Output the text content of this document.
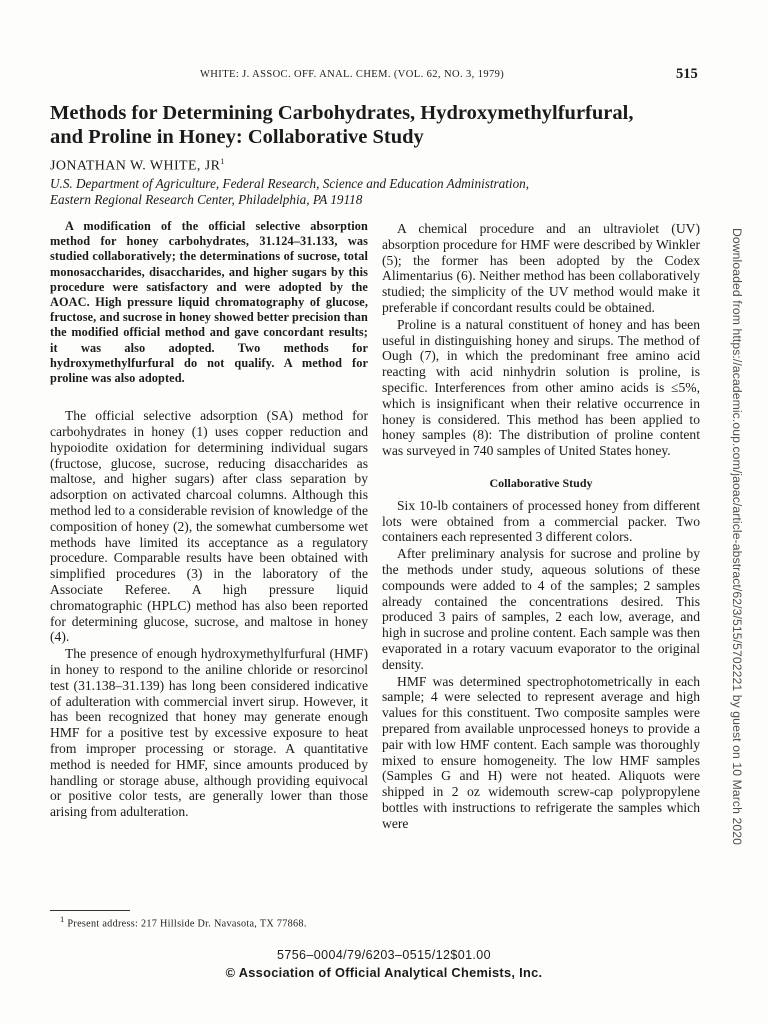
WHITE: J. ASSOC. OFF. ANAL. CHEM. (VOL. 62, NO. 3, 1979)	515
Methods for Determining Carbohydrates, Hydroxymethylfurfural,
and Proline in Honey: Collaborative Study
JONATHAN W. WHITE, $JR^1$
U.S. Department of Agriculture, Federal Research, Science and Education Administration,
Eastern Regional Research Center, Philadelphia, PA 19118

A modification of the official selective absorption method for honey carbohydrates, 31.124–31.133, was studied collaboratively; the determinations of sucrose, total monosaccharides, disaccharides, and higher sugars by this procedure were satisfactory and were adopted by the AOAC. High pressure liquid chromatography of glucose, fructose, and sucrose in honey showed better precision than the modified official method and gave concordant results; it was also adopted. Two methods for hydroxymethylfurfural do not qualify. A method for proline was also adopted.

The official selective adsorption (SA) method for carbohydrates in honey (1) uses copper reduction and hypoiodite oxidation for determining individual sugars (fructose, glucose, sucrose, reducing disaccharides as maltose, and higher sugars) after class separation by adsorption on activated charcoal columns. Although this method led to a considerable revision of knowledge of the composition of honey (2), the somewhat cumbersome wet methods have limited its acceptance as a regulatory procedure. Comparable results have been obtained with simplified procedures (3) in the laboratory of the Associate Referee. A high pressure liquid chromatographic (HPLC) method has also been reported for determining glucose, sucrose, and maltose in honey (4).

The presence of enough hydroxymethylfurfural (HMF) in honey to respond to the aniline chloride or resorcinol test (31.138–31.139) has long been considered indicative of adulteration with commercial invert sirup. However, it has been recognized that honey may generate enough HMF for a positive test by excessive exposure to heat from improper processing or storage. A quantitative method is needed for HMF, since amounts produced by handling or storage abuse, although providing equivocal or positive color tests, are generally lower than those arising from adulteration.

A chemical procedure and an ultraviolet (UV) absorption procedure for HMF were described by Winkler (5); the former has been adopted by the Codex Alimentarius (6). Neither method has been collaboratively studied; the simplicity of the UV method would make it preferable if concordant results could be obtained.

Proline is a natural constituent of honey and has been useful in distinguishing honey and sirups. The method of Ough (7), in which the predominant free amino acid reacting with acid ninhydrin solution is proline, is specific. Interferences from other amino acids is ≤5%, which is insignificant when their relative occurrence in honey is considered. This method has been applied to honey samples (8): The distribution of proline content was surveyed in 740 samples of United States honey.

Collaborative Study

Six 10-lb containers of processed honey from different lots were obtained from a commercial packer. Two containers each represented 3 different colors.

After preliminary analysis for sucrose and proline by the methods under study, aqueous solutions of these compounds were added to 4 of the samples; 2 samples already contained the concentrations desired. This produced 3 pairs of samples, 2 each low, average, and high in sucrose and proline content. Each sample was then evaporated in a rotary vacuum evaporator to the original density.

HMF was determined spectrophotometrically in each sample; 4 were selected to represent average and high values for this constituent. Two composite samples were prepared from available unprocessed honeys to provide a pair with low HMF content. Each sample was thoroughly mixed to ensure homogeneity. The low HMF samples (Samples G and H) were not heated. Aliquots were shipped in 2 oz widemouth screw-cap polypropylene bottles with instructions to refrigerate the samples which were

$^1$ Present address: 217 Hillside Dr. Navasota, TX 77868.
5756–0004/79/6203–0515/12$01.00
© Association of Official Analytical Chemists, Inc.
Downloaded from https://academic.oup.com/jaoac/article-abstract/62/3/515/5702221 by guest on 10 March 2020
